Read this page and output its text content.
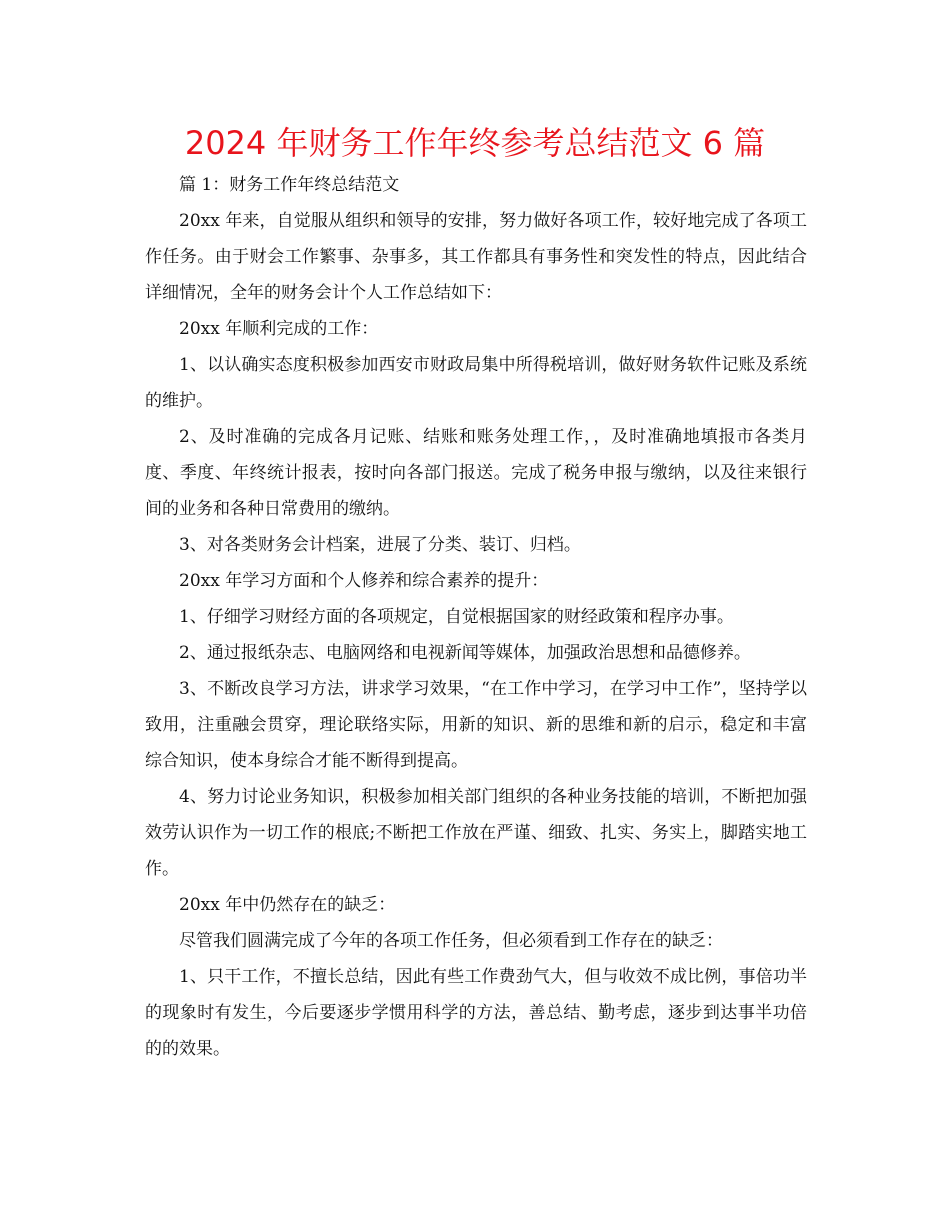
2024 年财务工作年终参考总结范文 6 篇

篇 1：财务工作年终总结范文

20xx 年来，自觉服从组织和领导的安排，努力做好各项工作，较好地完成了各项工作任务。由于财会工作繁事、杂事多，其工作都具有事务性和突发性的特点，因此结合详细情况，全年的财务会计个人工作总结如下：

20xx 年顺利完成的工作：

1、以认确实态度积极参加西安市财政局集中所得税培训，做好财务软件记账及系统的维护。

2、及时准确的完成各月记账、结账和账务处理工作，，及时准确地填报市各类月度、季度、年终统计报表，按时向各部门报送。完成了税务申报与缴纳，以及往来银行间的业务和各种日常费用的缴纳。

3、对各类财务会计档案，进展了分类、装订、归档。

20xx 年学习方面和个人修养和综合素养的提升：

1、仔细学习财经方面的各项规定，自觉根据国家的财经政策和程序办事。

2、通过报纸杂志、电脑网络和电视新闻等媒体，加强政治思想和品德修养。

3、不断改良学习方法，讲求学习效果，“在工作中学习，在学习中工作”，坚持学以致用，注重融会贯穿，理论联络实际，用新的知识、新的思维和新的启示，稳定和丰富综合知识，使本身综合才能不断得到提高。

4、努力讨论业务知识，积极参加相关部门组织的各种业务技能的培训，不断把加强效劳认识作为一切工作的根底;不断把工作放在严谨、细致、扎实、务实上，脚踏实地工作。

20xx 年中仍然存在的缺乏：

尽管我们圆满完成了今年的各项工作任务，但必须看到工作存在的缺乏：

1、只干工作，不擅长总结，因此有些工作费劲气大，但与收效不成比例，事倍功半的现象时有发生，今后要逐步学惯用科学的方法，善总结、勤考虑，逐步到达事半功倍的的效果。
